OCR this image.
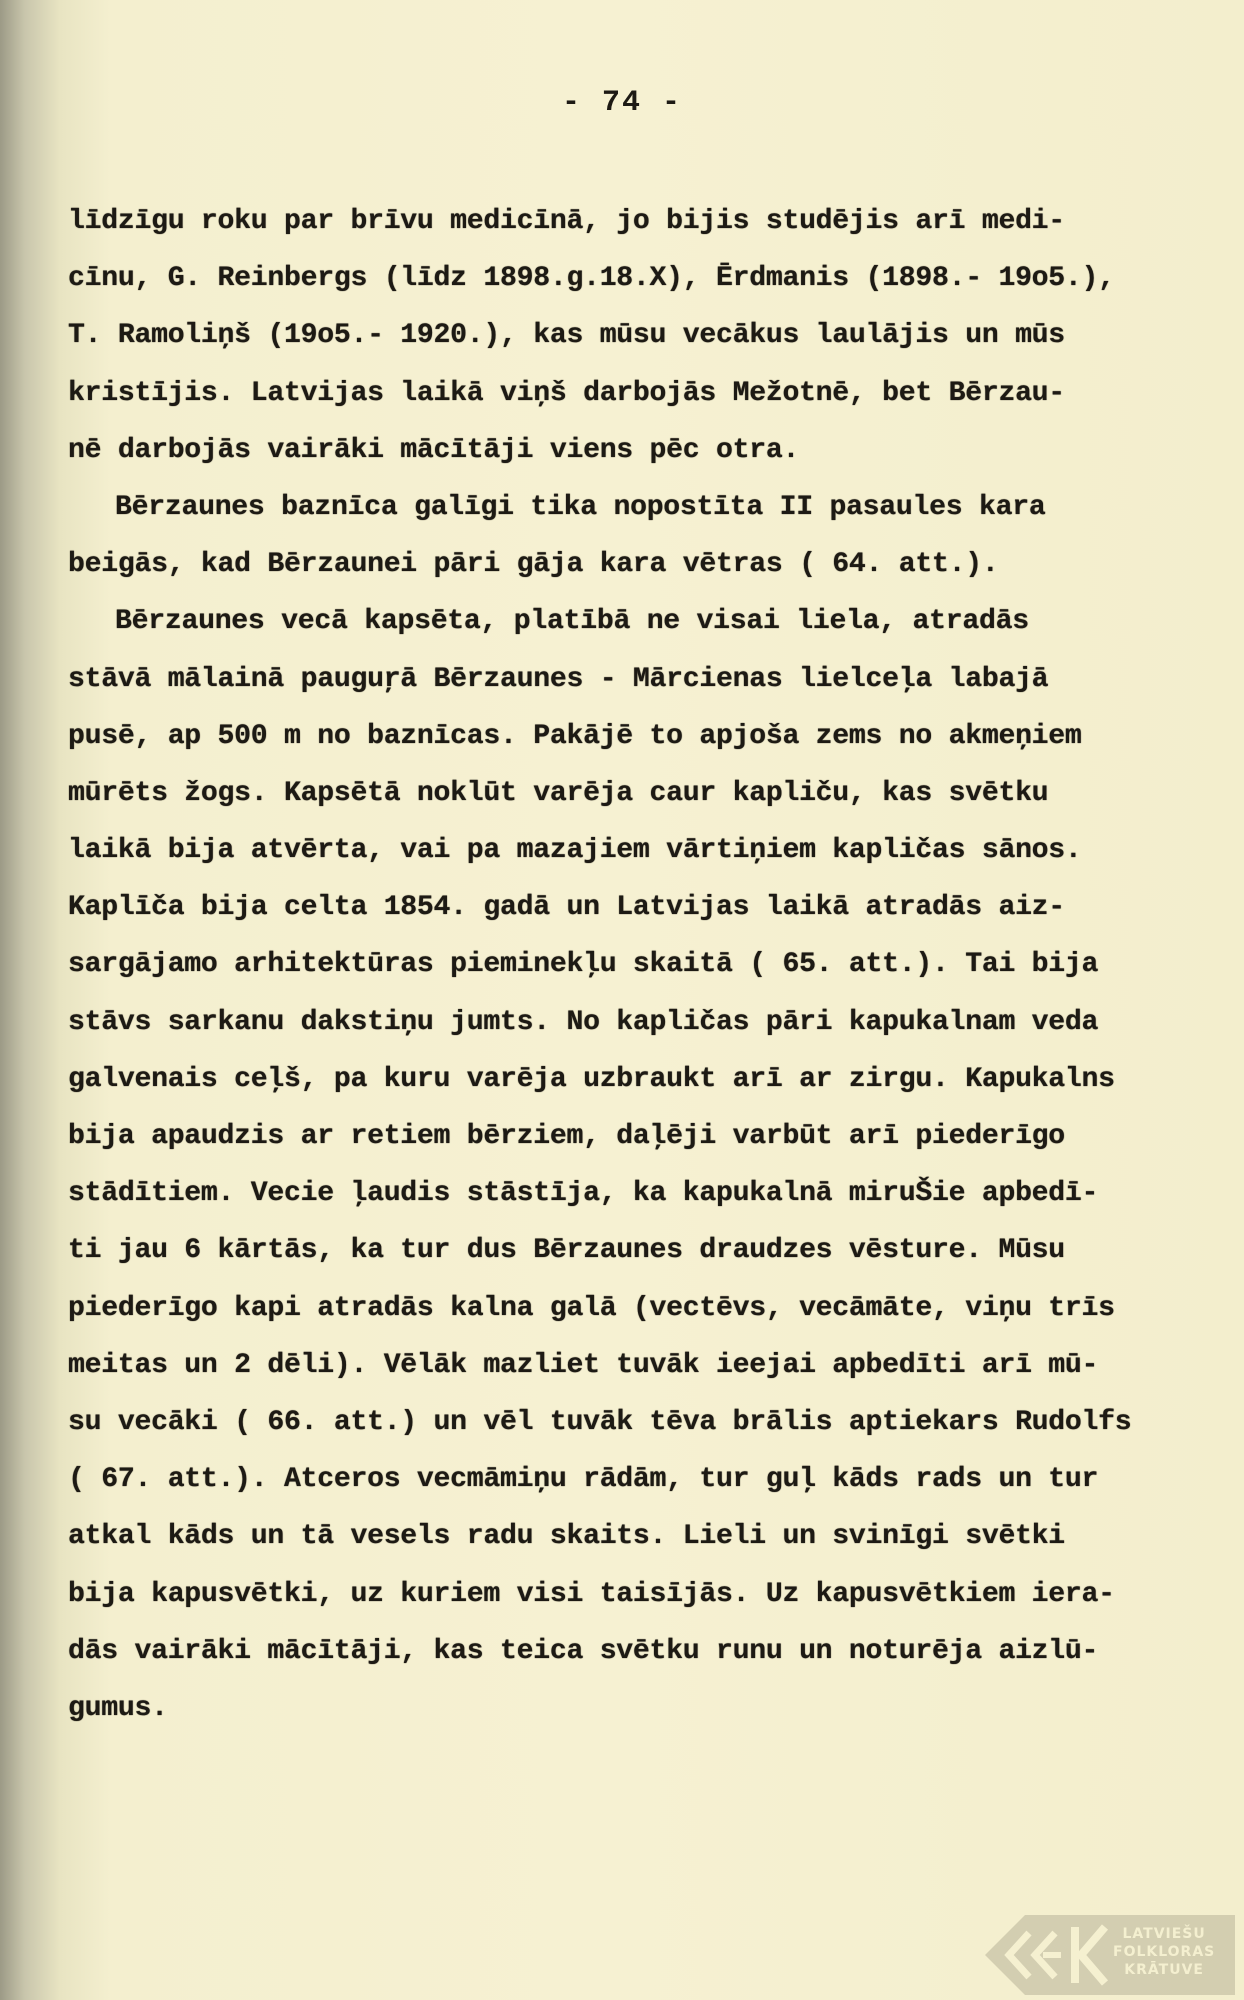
- 74 -
līdzīgu roku par brīvu medicīnā, jo bijis studējis arī medi-
cīnu, G. Reinbergs (līdz 1898.g.18.X), Ērdmanis (1898.- 19o5.),
T. Ramoliņš (19o5.- 1920.), kas mūsu vecākus laulājis un mūs
kristījis. Latvijas laikā viņš darbojās Mežotnē, bet Bērzau-
nē darbojās vairāki mācītāji viens pēc otra.
Bērzaunes baznīca galīgi tika nopostīta II pasaules kara
beigās, kad Bērzaunei pāri gāja kara vētras ( 64. att.).
Bērzaunes vecā kapsēta, platībā ne visai liela, atradās
stāvā mālainā pauguŗā Bērzaunes - Mārcienas lielceļa labajā
pusē, ap 500 m no baznīcas. Pakājē to apjoša zems no akmeņiem
mūrēts žogs. Kapsētā noklūt varēja caur kapliču, kas svētku
laikā bija atvērta, vai pa mazajiem vārtiņiem kapličas sānos.
Kaplīča bija celta 1854. gadā un Latvijas laikā atradās aiz-
sargājamo arhitektūras pieminekļu skaitā ( 65. att.). Tai bija
stāvs sarkanu dakstiņu jumts. No kapličas pāri kapukalnam veda
galvenais ceļš, pa kuru varēja uzbraukt arī ar zirgu. Kapukalns
bija apaudzis ar retiem bērziem, daļēji varbūt arī piederīgo
stādītiem. Vecie ļaudis stāstīja, ka kapukalnā miruŠie apbedī-
ti jau 6 kārtās, ka tur dus Bērzaunes draudzes vēsture. Mūsu
piederīgo kapi atradās kalna galā (vectēvs, vecāmāte, viņu trīs
meitas un 2 dēli). Vēlāk mazliet tuvāk ieejai apbedīti arī mū-
su vecāki ( 66. att.) un vēl tuvāk tēva brālis aptiekars Rudolfs
( 67. att.). Atceros vecmāmiņu rādām, tur guļ kāds rads un tur
atkal kāds un tā vesels radu skaits. Lieli un svinīgi svētki
bija kapusvētki, uz kuriem visi taisījās. Uz kapusvētkiem iera-
dās vairāki mācītāji, kas teica svētku runu un noturēja aizlū-
gumus.
LATVIEŠU
FOLKLORAS
KRĀTUVE
